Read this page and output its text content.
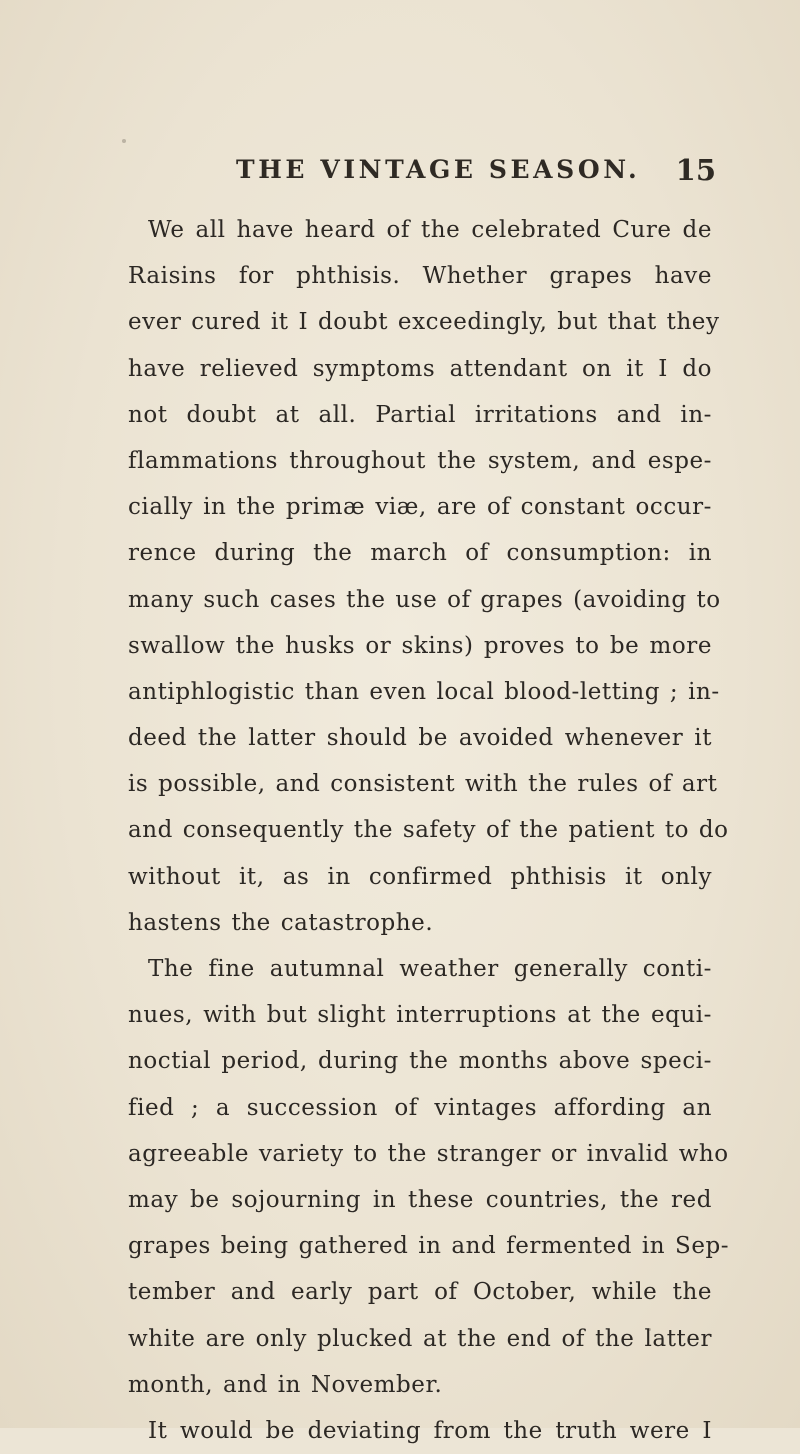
THE VINTAGE SEASON. 15
We all have heard of the celebrated Cure de
Raisins for phthisis. Whether grapes have
ever cured it I doubt exceedingly, but that they
have relieved symptoms attendant on it I do
not doubt at all. Partial irritations and in-
flammations throughout the system, and espe-
cially in the primæ viæ, are of constant occur-
rence during the march of consumption: in
many such cases the use of grapes (avoiding to
swallow the husks or skins) proves to be more
antiphlogistic than even local blood-letting ; in-
deed the latter should be avoided whenever it
is possible, and consistent with the rules of art
and consequently the safety of the patient to do
without it, as in confirmed phthisis it only
hastens the catastrophe.
The fine autumnal weather generally conti-
nues, with but slight interruptions at the equi-
noctial period, during the months above speci-
fied ; a succession of vintages affording an
agreeable variety to the stranger or invalid who
may be sojourning in these countries, the red
grapes being gathered in and fermented in Sep-
tember and early part of October, while the
white are only plucked at the end of the latter
month, and in November.
It would be deviating from the truth were I
